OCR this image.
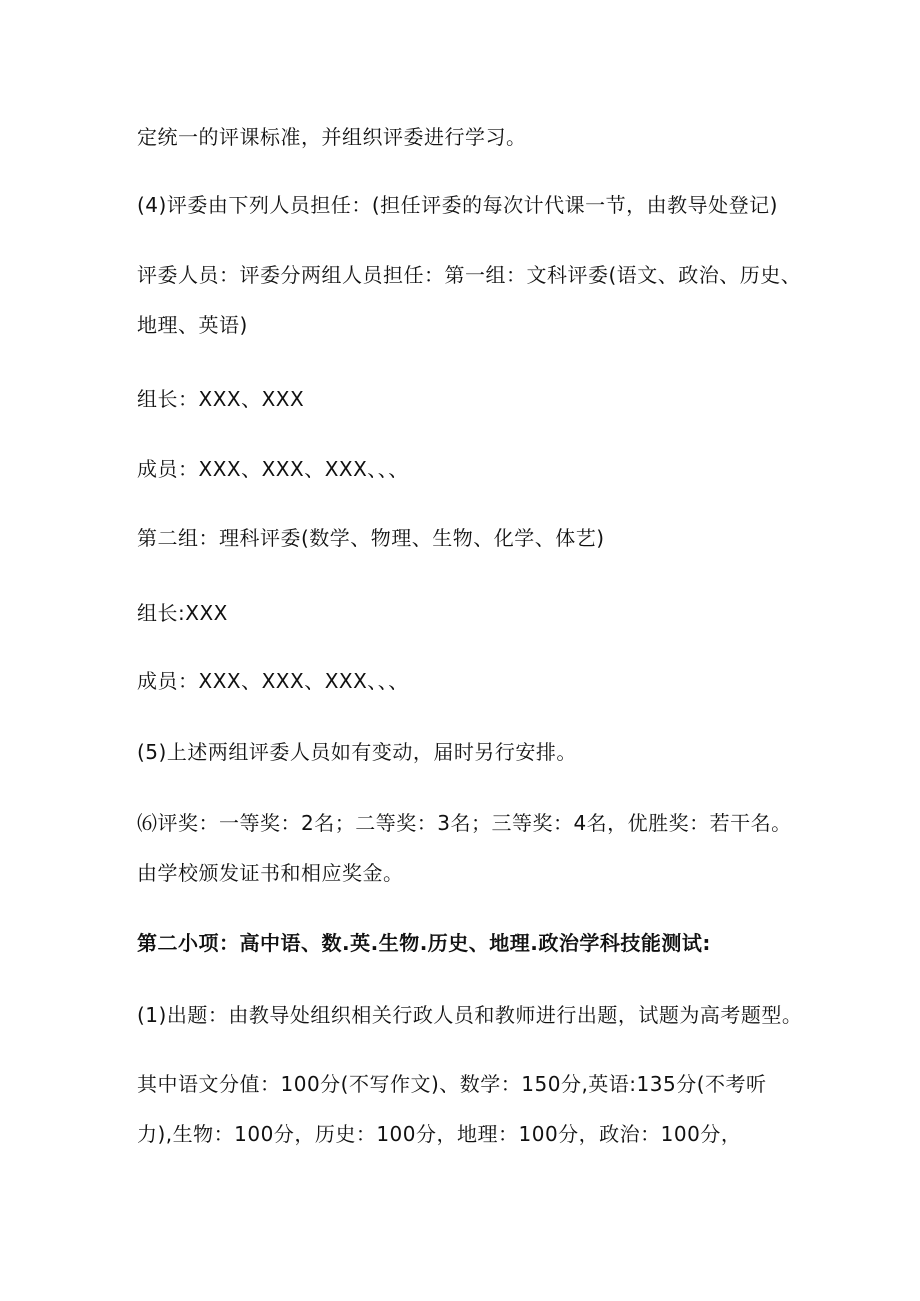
定统一的评课标准，并组织评委进行学习。
(4)评委由下列人员担任：(担任评委的每次计代课一节，由教导处登记)
评委人员：评委分两组人员担任：第一组：文科评委(语文、政治、历史、
地理、英语)
组长：XXX、XXX
成员：XXX、XXX、XXX、、、
第二组：理科评委(数学、物理、生物、化学、体艺)
组长:XXX
成员：XXX、XXX、XXX、、、
(5)上述两组评委人员如有变动，届时另行安排。
⑹评奖：一等奖：2名；二等奖：3名；三等奖：4名，优胜奖：若干名。
由学校颁发证书和相应奖金。
第二小项：高中语、数.英.生物.历史、地理.政治学科技能测试:
(1)出题：由教导处组织相关行政人员和教师进行出题，试题为高考题型。
其中语文分值：100分(不写作文)、数学：150分,英语:135分(不考听
力),生物：100分，历史：100分，地理：100分，政治：100分，
